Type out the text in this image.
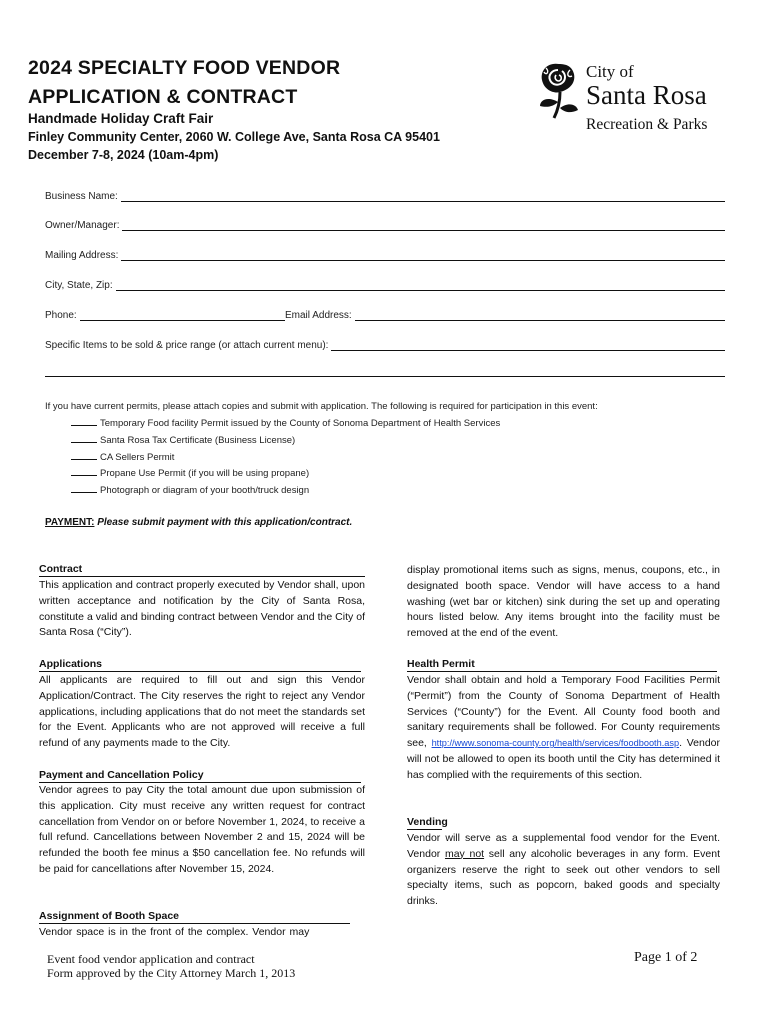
2024 SPECIALTY FOOD VENDOR
APPLICATION & CONTRACT
Handmade Holiday Craft Fair
Finley Community Center, 2060 W. College Ave, Santa Rosa CA 95401
December 7-8, 2024 (10am-4pm)
City of
Santa Rosa
Recreation & Parks
Business Name:
Owner/Manager:
Mailing Address:
City, State, Zip:
Phone:	Email Address:
Specific Items to be sold & price range (or attach current menu):
If you have current permits, please attach copies and submit with application. The following is required for participation in this event:
Temporary Food facility Permit issued by the County of Sonoma Department of Health Services
Santa Rosa Tax Certificate (Business License)
CA Sellers Permit
Propane Use Permit (if you will be using propane)
Photograph or diagram of your booth/truck design
PAYMENT: Please submit payment with this application/contract.
Contract
This application and contract properly executed by Vendor shall, upon written acceptance and notification by the City of Santa Rosa, constitute a valid and binding contract between Vendor and the City of Santa Rosa (“City”).
Applications
All applicants are required to fill out and sign this Vendor Application/Contract. The City reserves the right to reject any Vendor applications, including applications that do not meet the standards set for the Event. Applicants who are not approved will receive a full refund of any payments made to the City.
Payment and Cancellation Policy
Vendor agrees to pay City the total amount due upon submission of this application. City must receive any written request for contract cancellation from Vendor on or before November 1, 2024, to receive a full refund. Cancellations between November 2 and 15, 2024 will be refunded the booth fee minus a $50 cancellation fee. No refunds will be paid for cancellations after November 15, 2024.
Assignment of Booth Space
Vendor space is in the front of the complex. Vendor may
display promotional items such as signs, menus, coupons, etc., in designated booth space. Vendor will have access to a hand washing (wet bar or kitchen) sink during the set up and operating hours listed below. Any items brought into the facility must be removed at the end of the event.
Health Permit
Vendor shall obtain and hold a Temporary Food Facilities Permit (“Permit”) from the County of Sonoma Department of Health Services (“County”) for the Event. All County food booth and sanitary requirements shall be followed. For County requirements see, http://www.sonoma-county.org/health/services/foodbooth.asp. Vendor will not be allowed to open its booth until the City has determined it has complied with the requirements of this section.
Vending
Vendor will serve as a supplemental food vendor for the Event. Vendor may not sell any alcoholic beverages in any form. Event organizers reserve the right to seek out other vendors to sell specialty items, such as popcorn, baked goods and specialty drinks.
Event food vendor application and contract
Form approved by the City Attorney March 1, 2013
Page 1 of 2
